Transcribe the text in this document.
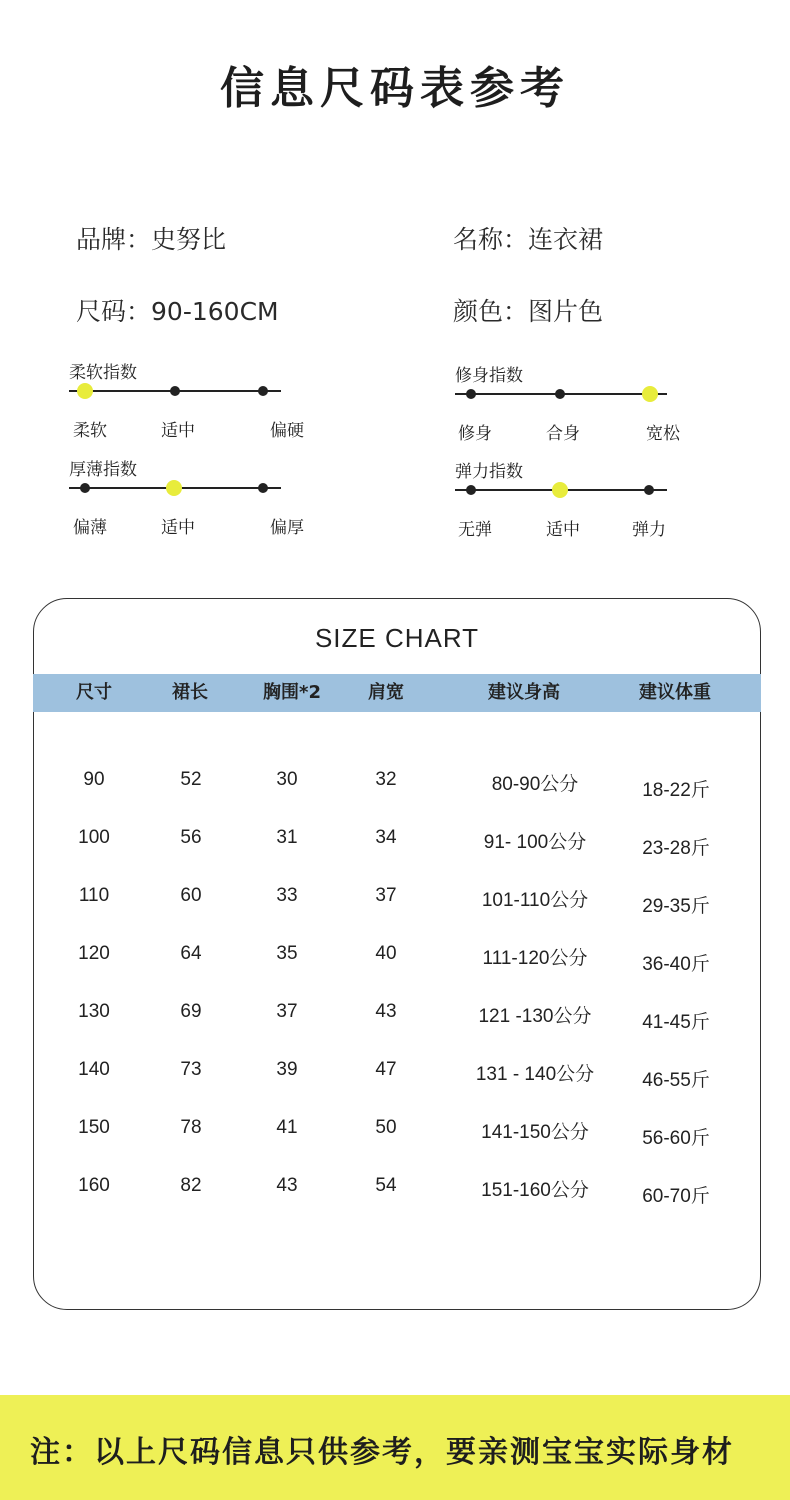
信息尺码表参考
品牌 ： 史努比	名称 ： 连衣裙
尺码 ： 90-160CM	颜色 ： 图片色
柔软指数
柔软	适中	偏硬
修身指数
修身	合身	宽松
厚薄指数
偏薄	适中	偏厚
弹力指数
无弹	适中	弹力
SIZE CHART
尺寸	裙长	胸围*2	肩宽	建议身高	建议体重
90	52	30	32	80-90公分	18-22斤
100	56	31	34	91- 100公分	23-28斤
110	60	33	37	101-110公分	29-35斤
120	64	35	40	111-120公分	36-40斤
130	69	37	43	121 -130公分	41-45斤
140	73	39	47	131 - 140公分	46-55斤
150	78	41	50	141-150公分	56-60斤
160	82	43	54	151-160公分	60-70斤
注：以上尺码信息只供参考，要亲测宝宝实际身材
